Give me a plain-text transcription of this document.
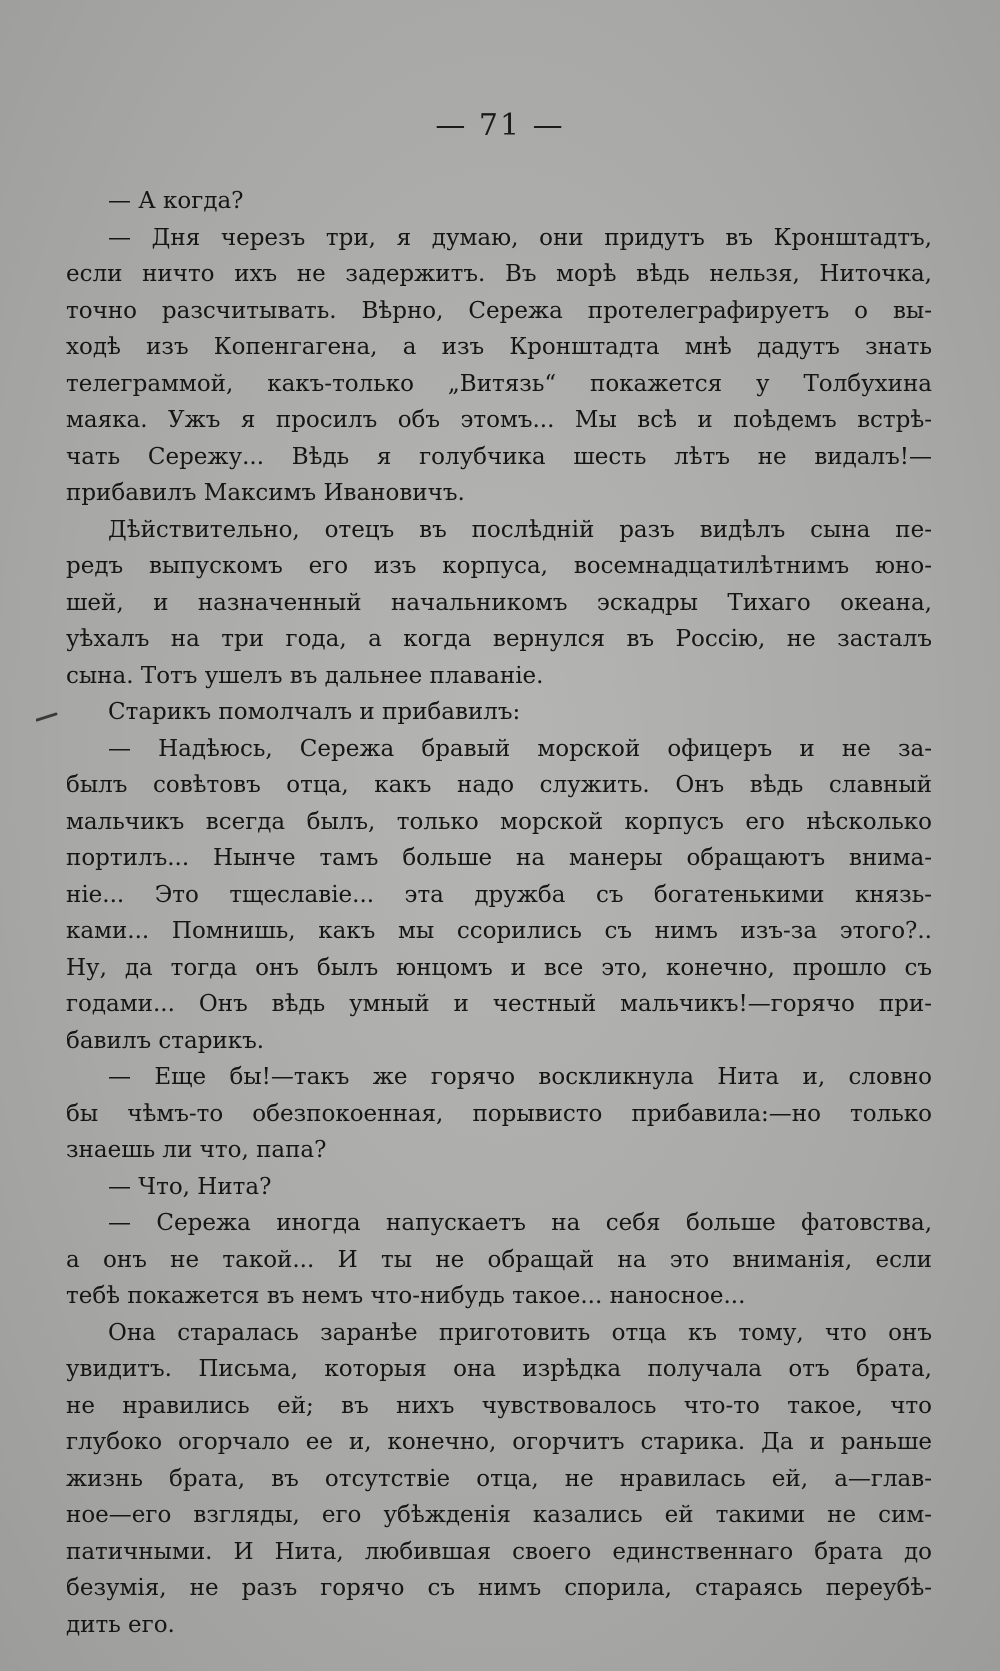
— 71 —
— А когда?
— Дня черезъ три, я думаю, они придутъ въ Кронштадтъ,
если ничто ихъ не задержитъ. Въ морѣ вѣдь нельзя, Ниточка,
точно разсчитывать. Вѣрно, Сережа протелеграфируетъ о вы-
ходѣ изъ Копенгагена, а изъ Кронштадта мнѣ дадутъ знать
телеграммой, какъ-только „Витязь“ покажется у Толбухина
маяка. Ужъ я просилъ объ этомъ... Мы всѣ и поѣдемъ встрѣ-
чать Сережу... Вѣдь я голубчика шесть лѣтъ не видалъ!—
прибавилъ Максимъ Ивановичъ.
Дѣйствительно, отецъ въ послѣднiй разъ видѣлъ сына пе-
редъ выпускомъ его изъ корпуса, восемнадцатилѣтнимъ юно-
шей, и назначенный начальникомъ эскадры Тихаго океана,
уѣхалъ на три года, а когда вернулся въ Россiю, не засталъ
сына. Тотъ ушелъ въ дальнее плаванiе.
Старикъ помолчалъ и прибавилъ:
— Надѣюсь, Сережа бравый морской офицеръ и не за-
былъ совѣтовъ отца, какъ надо служить. Онъ вѣдь славный
мальчикъ всегда былъ, только морской корпусъ его нѣсколько
портилъ... Нынче тамъ больше на манеры обращаютъ внима-
нiе... Это тщеславiе... эта дружба съ богатенькими князь-
ками... Помнишь, какъ мы ссорились съ нимъ изъ-за этого?..
Ну, да тогда онъ былъ юнцомъ и все это, конечно, прошло съ
годами... Онъ вѣдь умный и честный мальчикъ!—горячо при-
бавилъ старикъ.
— Еще бы!—такъ же горячо воскликнула Нита и, словно
бы чѣмъ-то обезпокоенная, порывисто прибавила:—но только
знаешь ли что, папа?
— Что, Нита?
— Сережа иногда напускаетъ на себя больше фатовства,
а онъ не такой... И ты не обращай на это вниманiя, если
тебѣ покажется въ немъ что-нибудь такое... наносное...
Она старалась заранѣе приготовить отца къ тому, что онъ
увидитъ. Письма, которыя она изрѣдка получала отъ брата,
не нравились ей; въ нихъ чувствовалось что-то такое, что
глубоко огорчало ее и, конечно, огорчитъ старика. Да и раньше
жизнь брата, въ отсутствiе отца, не нравилась ей, а—глав-
ное—его взгляды, его убѣжденiя казались ей такими не сим-
патичными. И Нита, любившая своего единственнаго брата до
безумiя, не разъ горячо съ нимъ спорила, стараясь переубѣ-
дить его.
